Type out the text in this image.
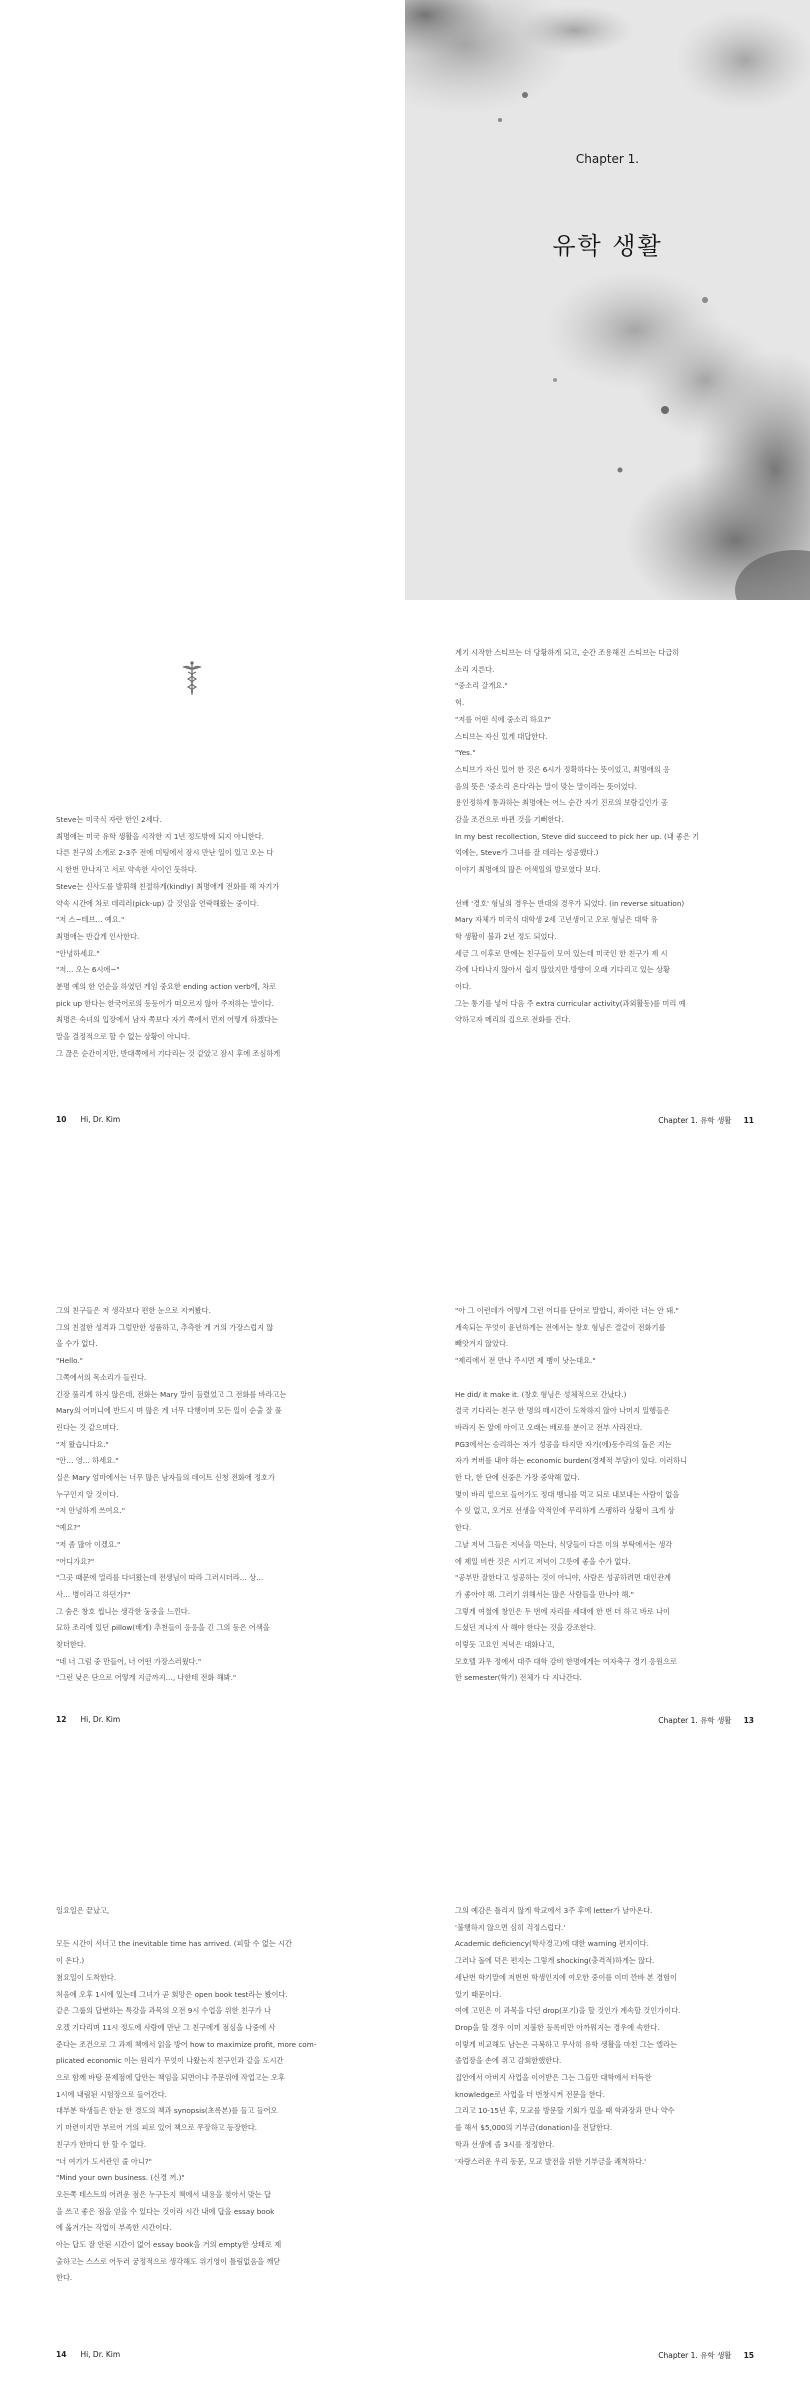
Chapter 1.
유학 생활
Steve는 미국식 자란 한인 2세다.
최명애는 미국 유학 생활을 시작한 지 1년 정도밖에 되지 아니한다.
다른 친구의 소개로 2-3주 전에 미팅에서 잠시 만난 일이 있고 오는 다
시 한번 만나자고 서로 약속한 사이인 듯하다.
Steve는 신사도를 발휘해 친절하게(kindly) 최명애게 전화를 해 자기가
약속 시간에 차로 데리러(pick-up) 갈 것임을 언락해왔는 중이다.
"저 스~테브… 예요."
최명애는 반갑게 인사한다.
"안녕하세요."
"저… 오는 6시에~"
분명 예의 한 언순을 하였던 게임 중요한 ending action verb에, 차로
pick up 한다는 한국어로의 동등어가 떠오르지 않아 주저하는 말이다.
최명은 숙녀의 입장에서 남자 쪽보다 자기 쪽에서 먼저 어떻게 하겠다는
말을 결정적으로 할 수 없는 상황이 아니다.
그 끊은 순간이지만, 반대쪽에서 기다리는 것 같았고 잠시 후에 조심하게
계기 시작한 스티브는 더 당황하게 되고, 순간 조용해진 스티브는 다급히
소리 지른다.
"중소리 갈게요."
헉.
"저를 어떤 식에 중소리 하요?"
스티브는 자신 있게 대답한다.
"Yes."
스티브가 자신 있어 한 것은 6시가 정확하다는 뜻이었고, 최명애의 응
음의 뜻은 '중소리 온다'라는 말이 맞는 말이라는 뜻이었다.
용인정하게 통과하는 최명애는 어느 순간 자기 진로의 보람길인가 공
감을 조건으로 바뀐 것을 기뻐한다.
In my best recollection, Steve did succeed to pick her up. (내 좋은 기
억에는, Steve가 그녀를 잘 데리는 성공했다.)
이야기 최명애의 많은 어색일의 발로였다 보다.
선배 '경호' 형님의 경우는 반대의 경우가 되었다. (in reverse situation)
Mary 자체가 미국식 대학생 2세 고년생이고 오로 형님은 대학 유
학 생활이 불과 2년 정도 되었다.
세금 그 이후로 만에는 친구들이 모여 있는데 미국인 한 친구가 제 시
각에 나타나지 않아서 쉽지 않았지만 방향이 오래 기다리고 있는 상황
이다.
그는 통기를 넣어 다음 주 extra curricular activity(과외활동)를 미리 예
약하고자 메리의 집으로 전화를 건다.
10 Hi, Dr. Kim	Chapter 1. 유학 생활 11
그의 친구들은 저 생각보다 편한 눈으로 지켜봤다.
그의 친절한 성격과 그럴만한 성품하고, 추측한 게 거의 가장스럽지 않
을 수가 없다.
"Hello."
그쪽에서의 목소리가 들린다.
긴장 풀리게 하지 않은데, 전화는 Mary 말이 들렸었고 그 전화를 바라고는
Mary의 어머니에 반드시 며 많은 게 너무 다행이며 모든 일이 순출 잘 풀
린다는 것 같으며다.
"저 왔습니다요."
"안… 영… 하세요."
실은 Mary 엄마에서는 너무 많은 남자들의 데이트 신청 전화에 정호가
누구인지 알 것이다.
"저 안녕하게 쓰여요."
"예요?"
"저 좀 많아 이겠요."
"어디가요?"
"그곳 때문에 멀리를 다녀왔는데 전생님이 따라 그러시더라… 상…
사… 병이라고 하던가?"
그 숨은 창호 씹니는 생각한 둥중을 느낀다.
묘하 조리에 있던 pillow(배게) 추천들이 응응을 긴 그의 동은 어색을
찾더한다.
"네 너 그럼 중 만들어, 너 어떤 가장스러웠다."
"그런 낮은 단으로 어떻게 지금까지…, 나한테 전화 해봐."
"아 그 이런데가 어떻게 그런 어디를 단어로 말합니, 좌이란 너는 안 돼."
계속되는 무엇이 윤년하게는 전에서는 창호 형님은 결같이 전화기를
빼앗겨지 않았다.
"제리에서 전 만나 주시면 제 뱅이 낫는대요."
He did/ it make it. (창호 형님은 성체적으로 간났다.)
결국 기다리는 친구 한 명의 매시간이 도착하지 않아 나머지 일행들은
바라지 돈 앞에 아이고 오래는 배로를 분이고 전부 사라진다.
PG3에서는 승리하는 자가 성공을 타지만 자기(에)동수리의 돌은 지는
자가 커버를 내야 하는 economic burden(경제적 부담)이 있다. 이러하니
한 다, 한 단에 신중은 가장 중약해 없다.
몇이 바리 밑으로 들어가도 정대 뱅니를 먹고 되로 내보내는 사람이 없을
수 잇 없고, 오거로 선생을 악적인에 무리하게 스팽하라 상황이 크게 상
한다.
그날 저녁 그들은 저녁을 먹는다, 식당들이 다른 이의 부탁에서는 생각
에 제일 비싼 것은 시키고 저녁이 그릇에 좋을 수가 없다.
"공부만 잘한다고 성공하는 것이 아니야, 사람은 성공하려면 대인관계
가 좋아야 해. 그러기 위해서는 많은 사람들을 만나야 해."
그렇게 여철에 창인은 두 번에 자리를 세대에 한 번 더 하고 바로 나이
드셨던 저나저 사 해야 한다는 것을 강조한다.
이렇듯 고요인 저녁은 대화나고,
모호텔 과우 정에서 대주 대학 감비 한명에게는 여자축구 경기 응원으로
한 semester(학기) 전체가 다 지나간다.
12 Hi, Dr. Kim	Chapter 1. 유학 생활 13
일요일은 끝났고,
모든 시간이 서너고 the inevitable time has arrived. (피할 수 없는 시간
이 온다.)
첨요일이 도착한다.
처음에 오후 1시에 있는데 그녀가 곧 회망은 open book test라는 봤이다.
같은 그룹의 답변하는 특강을 과목의 오전 9시 수업을 위한 친구가 나
오겠 기다리며 11시 정도에 사람에 만난 그 친구에게 점심을 나중에 사
준다는 조건으로 그 과제 책에서 읽을 방어 how to maximize profit, more com-
plicated economic 이는 원리가 무엇이 나왔는지 친구인과 같을 도시간
으로 함께 바탕 문제점에 답안는 책임을 되면이냐 주문위에 작업고는 오후
1시에 내림된 시험장으로 들어간다.
대부분 학생들은 한눈 한 경도의 책과 synopsis(초록본)를 들고 들어오
기 마련이지만 부르어 거의 피로 있어 책으로 무장하고 등장한다.
친구가 한마디 한 할 수 없다.
"너 여기가 도서관인 줄 아니?"
"Mind your own business. (신경 꺼.)"
오든쪽 테스트의 어려운 점은 누구든지 책에서 내용을 찾아서 맞는 답
을 쓰고 좋은 점을 얻을 수 있다는 것이라 시간 내에 답을 essay book
에 옮겨가는 작업이 부족한 시간이다.
아는 답도 잘 안된 시간이 없어 essay book을 거의 empty한 상태로 제
출하고는 스스로 어두러 궁정적으로 생각해도 위기영이 틀림없음을 깨닫
한다.
그의 예감은 틀리지 않게 학교에서 3주 후에 letter가 날아온다.
'불행하지 않으면 심히 걱정스럽다.'
Academic deficiency(학사경고)에 대한 warning 편지이다.
그러나 돌에 덕은 편지는 그렇게 shocking(충격적)하게는 않다.
세난번 학기말에 저번번 학생인지에 여오한 중이를 이미 깐바 본 경험이
있기 때문이다.
여에 고민은 이 과목을 다던 drop(포기)을 할 것인가 계속할 것인가이다.
Drop을 할 경우 이미 지불한 등록비만 아까워지는 경우에 속한다.
이렇게 비교해도 남는은 극복하고 무사히 유학 생활을 마친 그는 엘라는
졸업장을 손에 쥐고 감회한했한다.
집안에서 아버지 사업을 이어받은 그는 그들만 대학에서 터득한
knowledge로 사업을 더 번창시켜 전문을 한다.
그리고 10-15년 후, 모교를 방문할 기회가 있을 때 학과장과 만나 약수
를 해서 $5,000의 기부금(donation)을 전달한다.
학과 선생에 졸 3시를 정정한다.
'자랑스러운 우리 동문, 모교 발전을 위한 기부금을 쾌척하다.'
14 Hi, Dr. Kim	Chapter 1. 유학 생활 15
